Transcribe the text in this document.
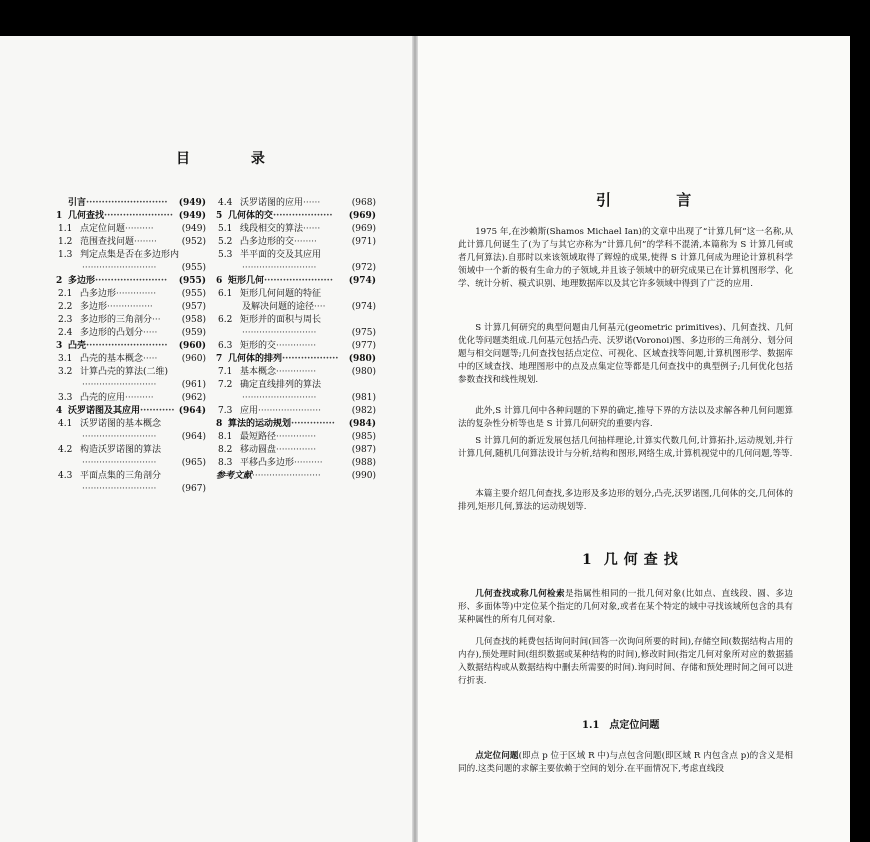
目 录
引言·························· (949)
1 几何查找······················ (949)
1.1 点定位问题··········	(949)
1.2 范围查找问题········	(952)
1.3 判定点集是否在多边形内
··························	(955)
2 多边形······················· (955)
2.1 凸多边形··············	(955)
2.2 多边形················	(957)
2.3 多边形的三角剖分··· (958)
2.4 多边形的凸划分·····	(959)
3 凸壳·························· (960)
3.1 凸壳的基本概念·····	(960)
3.2 计算凸壳的算法(二维)
··························	(961)
3.3 凸壳的应用··········	(962)
4 沃罗诺图及其应用··········· (964)
4.1 沃罗诺图的基本概念
··························	(964)
4.2 构造沃罗诺图的算法
··························	(965)
4.3 平面点集的三角剖分
··························	(967)
4.4 沃罗诺图的应用······	(968)
5 几何体的交··················· (969)
5.1 线段相交的算法······	(969)
5.2 凸多边形的交········	(971)
5.3 半平面的交及其应用
··························	(972)
6 矩形几何······················ (974)
6.1 矩形几何问题的特征
及解决问题的途径····	(974)
6.2 矩形并的面积与周长
··························	(975)
6.3 矩形的交··············	(977)
7 几何体的排列·················· (980)
7.1 基本概念··············	(980)
7.2 确定直线排列的算法
··························	(981)
7.3 应用······················	(982)
8 算法的运动规划·············· (984)
8.1 最短路径··············	(985)
8.2 移动圆盘··············	(987)
8.3 平移凸多边形··········	(988)
参考文献························	(990)
引 言

1975 年,在沙赖斯(Shamos Michael Ian)的文章中出现了“计算几何”这一名称,从此计算几何诞生了(为了与其它亦称为“计算几何”的学科不混淆,本篇称为 S 计算几何或者几何算法).自那时以来该领域取得了辉煌的成果,使得 S 计算几何成为理论计算机科学领域中一个新的极有生命力的子领域,并且该子领域中的研究成果已在计算机图形学、化学、统计分析、模式识别、地理数据库以及其它许多领域中得到了广泛的应用.

S 计算几何研究的典型问题由几何基元(geometric primitives)、几何查找、几何优化等问题类组成.几何基元包括凸壳、沃罗诺(Voronoi)图、多边形的三角剖分、划分问题与相交问题等;几何查找包括点定位、可视化、区域查找等问题,计算机图形学、数据库中的区域查找、地理图形中的点及点集定位等都是几何查找中的典型例子;几何优化包括参数查找和线性规划.

此外,S 计算几何中各种问题的下界的确定,推导下界的方法以及求解各种几何问题算法的复杂性分析等也是 S 计算几何研究的重要内容.

S 计算几何的新近发展包括几何抽样理论,计算实代数几何,计算拓扑,运动规划,并行计算几何,随机几何算法设计与分析,结构和图形,网络生成,计算机视觉中的几何问题,等等.

本篇主要介绍几何查找,多边形及多边形的划分,凸壳,沃罗诺图,几何体的交,几何体的排列,矩形几何,算法的运动规划等.

1 几何查找

几何查找或称几何检索是指属性相同的一批几何对象(比如点、直线段、圆、多边形、多面体等)中定位某个指定的几何对象,或者在某个特定的域中寻找该域所包含的具有某种属性的所有几何对象.

几何查找的耗费包括询问时间(回答一次询问所要的时间),存储空间(数据结构占用的内存),预处理时间(组织数据或某种结构的时间),修改时间(指定几何对象所对应的数据插入数据结构或从数据结构中删去所需要的时间).询问时间、存储和预处理时间之间可以进行折衷.

1.1 点定位问题

点定位问题(即点 p 位于区域 R 中)与点包含问题(即区域 R 内包含点 p)的含义是相同的.这类问题的求解主要依赖于空间的划分.在平面情况下,考虑直线段
